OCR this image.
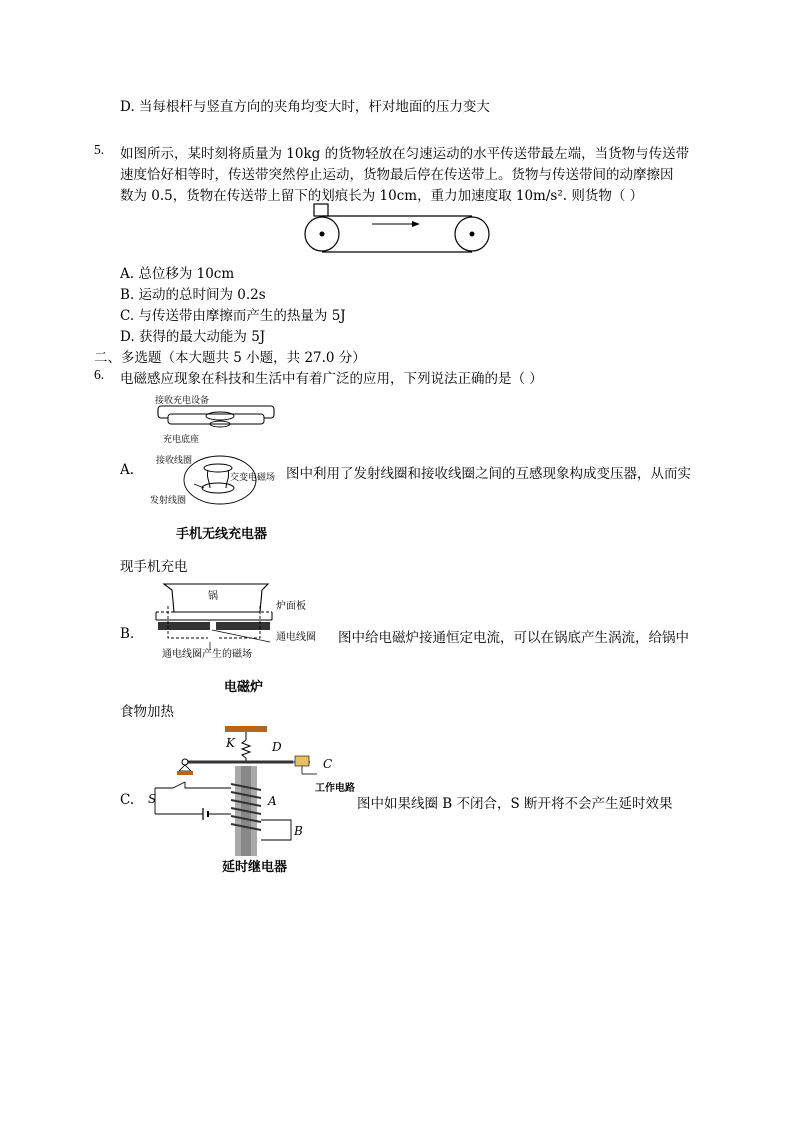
D. 当每根杆与竖直方向的夹角均变大时，杆对地面的压力变大
5. 如图所示，某时刻将质量为 10kg 的货物轻放在匀速运动的水平传送带最左端，当货物与传送带
速度恰好相等时，传送带突然停止运动，货物最后停在传送带上。货物与传送带间的动摩擦因
数为 0.5，货物在传送带上留下的划痕长为 10cm，重力加速度取 10m/s². 则货物（ ）
A. 总位移为 10cm
B. 运动的总时间为 0.2s
C. 与传送带由摩擦而产生的热量为 5J
D. 获得的最大动能为 5J
二、多选题（本大题共 5 小题，共 27.0 分）
6. 电磁感应现象在科技和生活中有着广泛的应用，下列说法正确的是（ ）
接收充电设备
充电底座
接收线圈
交变电磁场
发射线圈
手机无线充电器
A.	图中利用了发射线圈和接收线圈之间的互感现象构成变压器，从而实
现手机充电
锅
炉面板
通电线圈
通电线圈产生的磁场
电磁炉
B.	图中给电磁炉接通恒定电流，可以在锅底产生涡流，给锅中
食物加热
K	D
C
工作电路
S	A
B
延时继电器
C.	图中如果线圈 B 不闭合，S 断开将不会产生延时效果
